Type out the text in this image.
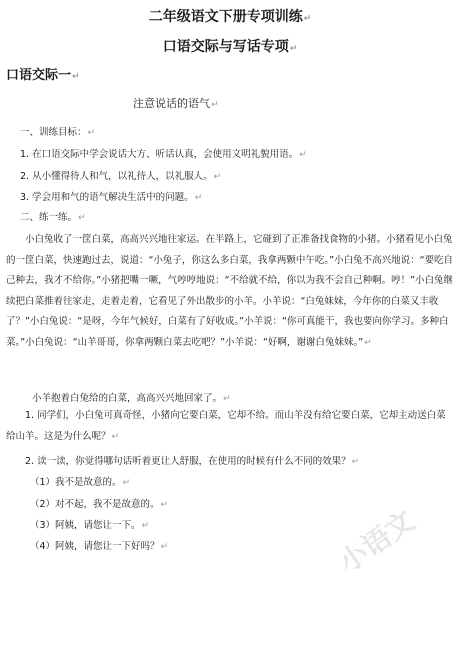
二年级语文下册专项训练↵
口语交际与写话专项↵
口语交际一↵
注意说话的语气↵
一、训练目标：↵
1. 在口语交际中学会说话大方、听话认真，会使用文明礼貌用语。↵
2. 从小懂得待人和气，以礼待人，以礼服人。↵
3. 学会用和气的语气解决生活中的问题。↵
二、练一练。↵
小白兔收了一筐白菜，高高兴兴地往家运。在半路上，它碰到了正准备找食物的小猪。小猪看见小白兔的一筐白菜，快速跑过去，说道：“小兔子，你这么多白菜，我拿两颗中午吃。”小白兔不高兴地说：“要吃自己种去，我才不给你。”小猪把嘴一噘，气哼哼地说：“不给就不给，你以为我不会自己种啊。哼！”小白兔继续把白菜推着往家走，走着走着，它看见了外出散步的小羊。小羊说：“白兔妹妹，今年你的白菜又丰收了？”小白兔说：“是呀，今年气候好，白菜有了好收成。”小羊说：“你可真能干，我也要向你学习。多种白菜。”小白兔说：“山羊哥哥，你拿两颗白菜去吃吧？”小羊说：“好啊，谢谢白兔妹妹。”↵
小羊抱着白兔给的白菜，高高兴兴地回家了。↵
1. 同学们，小白兔可真奇怪，小猪向它要白菜，它却不给。而山羊没有给它要白菜，它却主动送白菜给山羊。这是为什么呢？↵
2. 读一读，你觉得哪句话听着更让人舒服，在使用的时候有什么不同的效果？↵
（1）我不是故意的。↵
（2）对不起，我不是故意的。↵
（3）阿姨，请您让一下。↵
（4）阿姨，请您让一下好吗？↵	小语文
